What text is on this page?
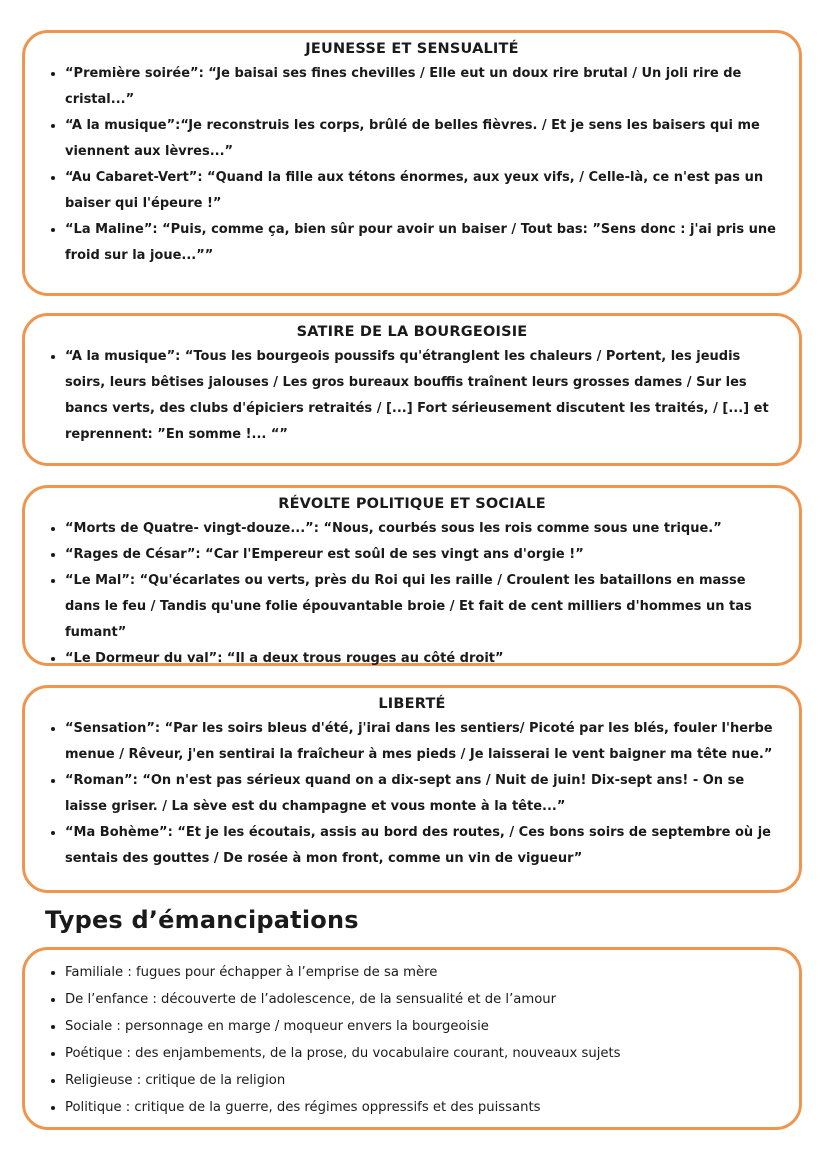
JEUNESSE ET SENSUALITÉ
• “Première soirée”: “Je baisai ses fines chevilles / Elle eut un doux rire brutal / Un joli rire de cristal...”
• “A la musique”:“Je reconstruis les corps, brûlé de belles fièvres. / Et je sens les baisers qui me viennent aux lèvres...”
• “Au Cabaret-Vert”: “Quand la fille aux tétons énormes, aux yeux vifs, / Celle-là, ce n'est pas un baiser qui l'épeure !”
• “La Maline”: “Puis, comme ça, bien sûr pour avoir un baiser / Tout bas: ”Sens donc : j'ai pris une froid sur la joue...””
SATIRE DE LA BOURGEOISIE
• “A la musique”: “Tous les bourgeois poussifs qu'étranglent les chaleurs / Portent, les jeudis soirs, leurs bêtises jalouses / Les gros bureaux bouffis traînent leurs grosses dames / Sur les bancs verts, des clubs d'épiciers retraités / [...] Fort sérieusement discutent les traités, / [...] et reprennent: ”En somme !... “”
RÉVOLTE POLITIQUE ET SOCIALE
• “Morts de Quatre- vingt-douze...”: “Nous, courbés sous les rois comme sous une trique.”
• “Rages de César”: “Car l'Empereur est soûl de ses vingt ans d'orgie !”
• “Le Mal”: “Qu'écarlates ou verts, près du Roi qui les raille / Croulent les bataillons en masse dans le feu / Tandis qu'une folie épouvantable broie / Et fait de cent milliers d'hommes un tas fumant”
• “Le Dormeur du val”: “Il a deux trous rouges au côté droit”
LIBERTÉ
• “Sensation”: “Par les soirs bleus d'été, j'irai dans les sentiers/ Picoté par les blés, fouler l'herbe menue / Rêveur, j'en sentirai la fraîcheur à mes pieds / Je laisserai le vent baigner ma tête nue.”
• “Roman”: “On n'est pas sérieux quand on a dix-sept ans / Nuit de juin! Dix-sept ans! - On se laisse griser. / La sève est du champagne et vous monte à la tête...”
• “Ma Bohème”: “Et je les écoutais, assis au bord des routes, / Ces bons soirs de septembre où je sentais des gouttes / De rosée à mon front, comme un vin de vigueur”
Types d’émancipations
• Familiale : fugues pour échapper à l’emprise de sa mère
• De l’enfance : découverte de l’adolescence, de la sensualité et de l’amour
• Sociale : personnage en marge / moqueur envers la bourgeoisie
• Poétique : des enjambements, de la prose, du vocabulaire courant, nouveaux sujets
• Religieuse : critique de la religion
• Politique : critique de la guerre, des régimes oppressifs et des puissants
